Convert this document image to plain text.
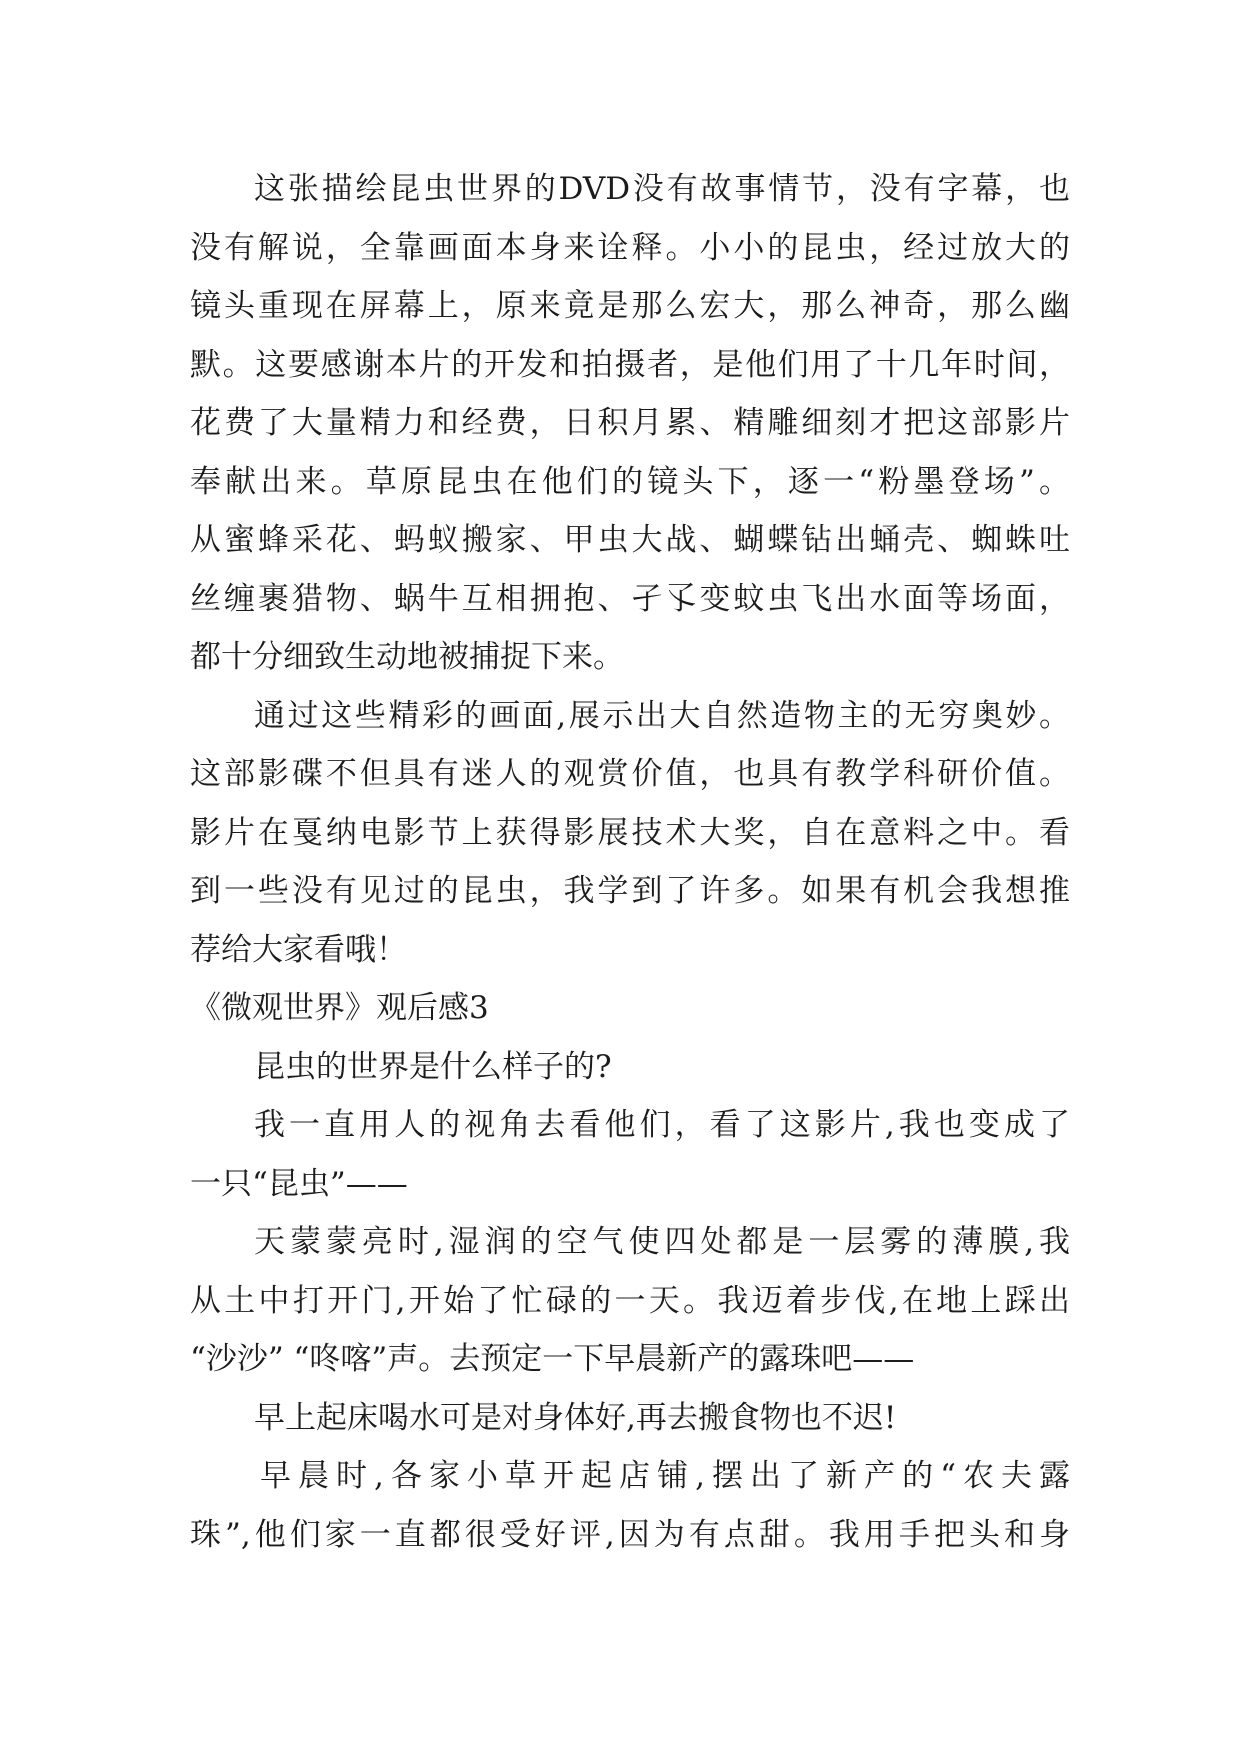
这张描绘昆虫世界的DVD没有故事情节，没有字幕，也
没有解说，全靠画面本身来诠释。小小的昆虫，经过放大的
镜头重现在屏幕上，原来竟是那么宏大，那么神奇，那么幽
默。这要感谢本片的开发和拍摄者，是他们用了十几年时间，
花费了大量精力和经费，日积月累、精雕细刻才把这部影片
奉献出来。草原昆虫在他们的镜头下，逐一“粉墨登场”。
从蜜蜂采花、蚂蚁搬家、甲虫大战、蝴蝶钻出蛹壳、蜘蛛吐
丝缠裹猎物、蜗牛互相拥抱、孑孓变蚊虫飞出水面等场面，
都十分细致生动地被捕捉下来。
通过这些精彩的画面,展示出大自然造物主的无穷奥妙。
这部影碟不但具有迷人的观赏价值，也具有教学科研价值。
影片在戛纳电影节上获得影展技术大奖，自在意料之中。看
到一些没有见过的昆虫，我学到了许多。如果有机会我想推
荐给大家看哦！
《微观世界》观后感3
昆虫的世界是什么样子的?
我一直用人的视角去看他们，看了这影片,我也变成了
一只“昆虫”——
天蒙蒙亮时,湿润的空气使四处都是一层雾的薄膜,我
从土中打开门,开始了忙碌的一天。我迈着步伐,在地上踩出
“沙沙” “咚喀”声。去预定一下早晨新产的露珠吧——
早上起床喝水可是对身体好,再去搬食物也不迟!
早晨时,各家小草开起店铺,摆出了新产的“农夫露
珠”,他们家一直都很受好评,因为有点甜。我用手把头和身
